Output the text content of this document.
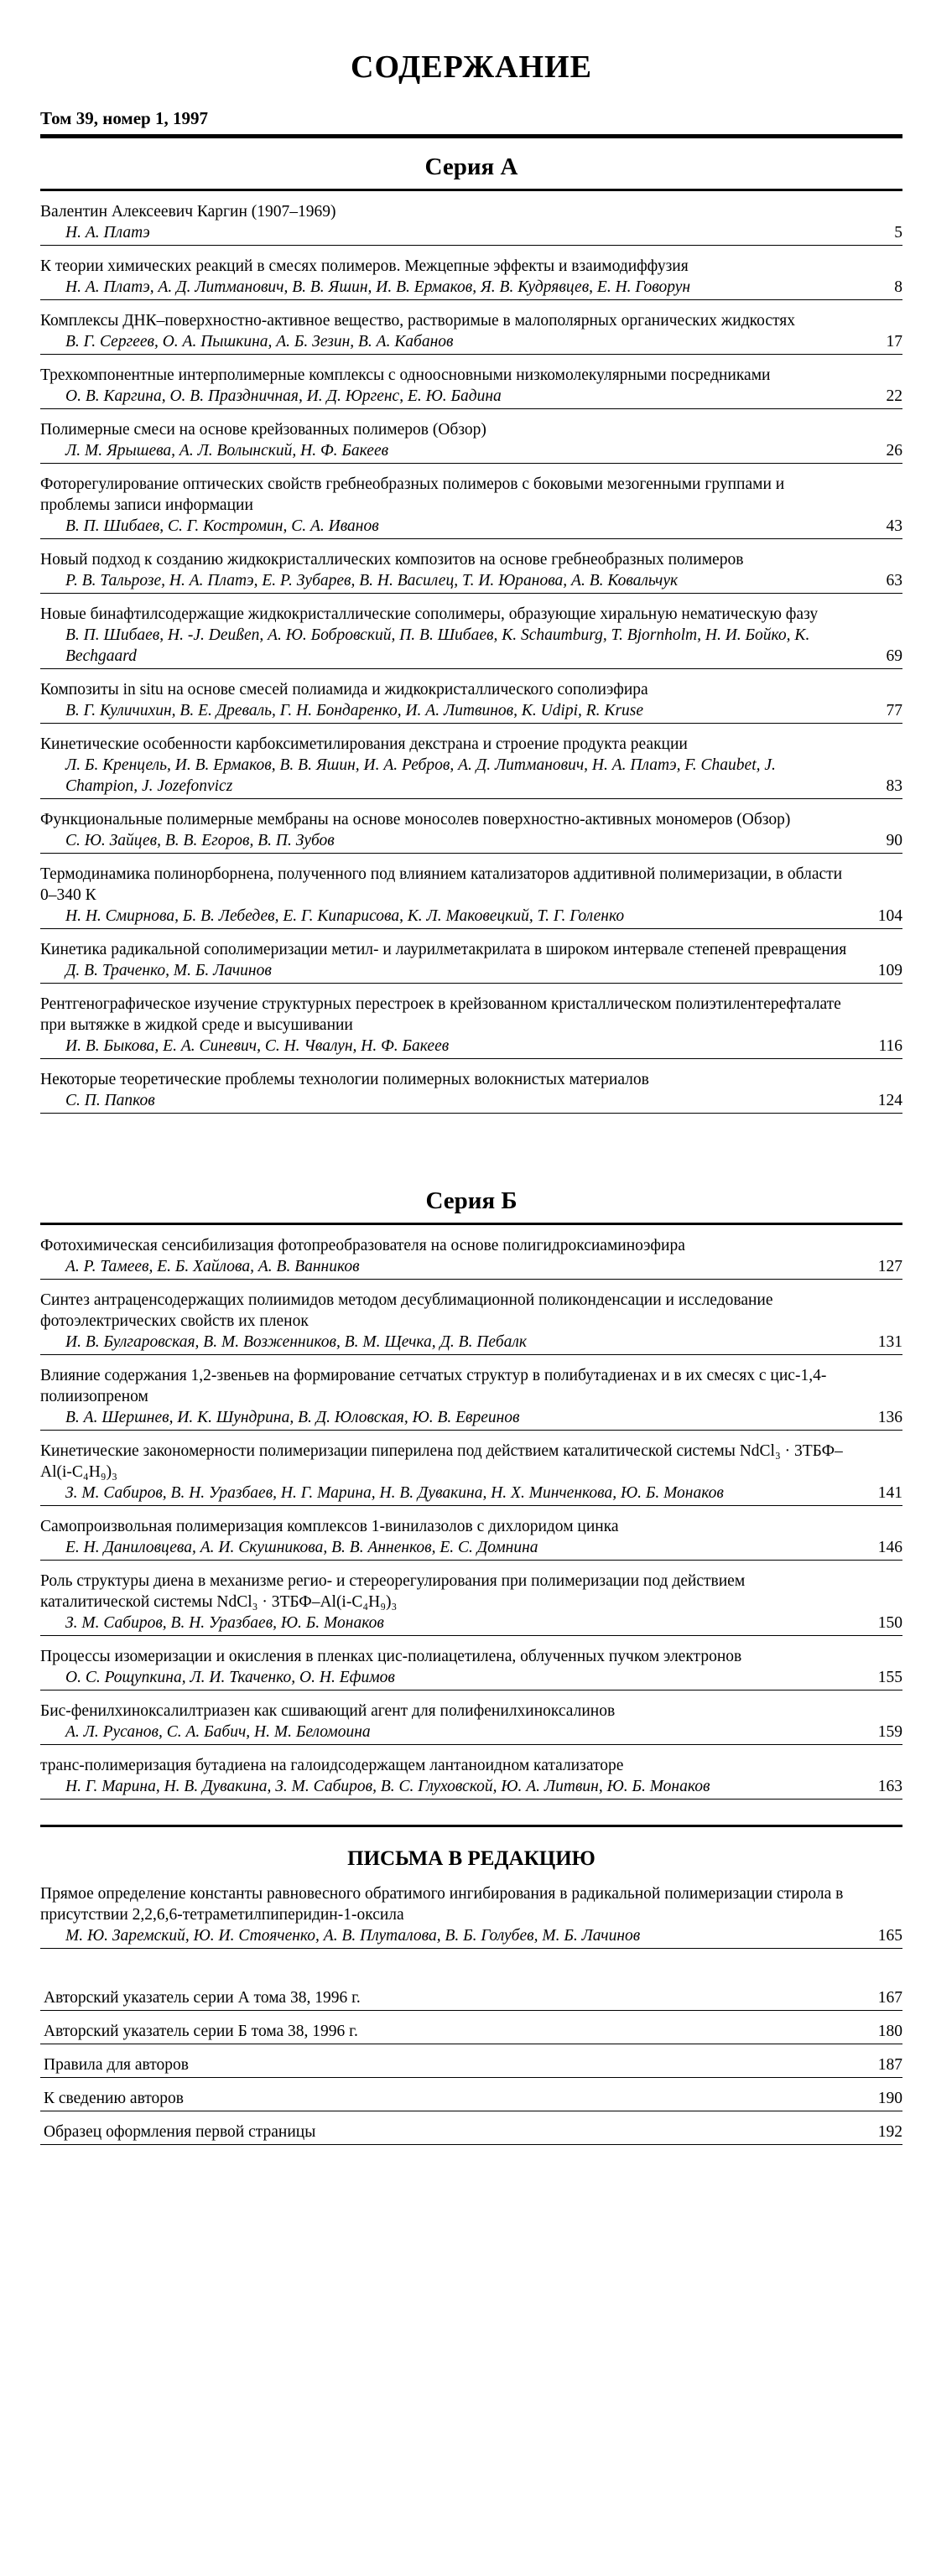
СОДЕРЖАНИЕ
Том 39, номер 1, 1997
Серия А
Валентин Алексеевич Каргин (1907–1969)
Н. А. Платэ	5
К теории химических реакций в смесях полимеров. Межцепные эффекты и взаимодиффузия
Н. А. Платэ, А. Д. Литманович, В. В. Яшин, И. В. Ермаков, Я. В. Кудрявцев, Е. Н. Говорун	8
Комплексы ДНК–поверхностно-активное вещество, растворимые в малополярных органических жидкостях
В. Г. Сергеев, О. А. Пышкина, А. Б. Зезин, В. А. Кабанов	17
Трехкомпонентные интерполимерные комплексы с одноосновными низкомолекулярными посредниками
О. В. Каргина, О. В. Праздничная, И. Д. Юргенс, Е. Ю. Бадина	22
Полимерные смеси на основе крейзованных полимеров (Обзор)
Л. М. Ярышева, А. Л. Волынский, Н. Ф. Бакеев	26
Фоторегулирование оптических свойств гребнеобразных полимеров с боковыми мезогенными группами и проблемы записи информации
В. П. Шибаев, С. Г. Костромин, С. А. Иванов	43
Новый подход к созданию жидкокристаллических композитов на основе гребнеобразных полимеров
Р. В. Тальрозе, Н. А. Платэ, Е. Р. Зубарев, В. Н. Василец, Т. И. Юранова, А. В. Ковальчук	63
Новые бинафтилсодержащие жидкокристаллические сополимеры, образующие хиральную нематическую фазу
В. П. Шибаев, Н. -J. Deußen, А. Ю. Бобровский, П. В. Шибаев, K. Schaumburg, T. Bjornholm, Н. И. Бойко, K. Bechgaard	69
Композиты in situ на основе смесей полиамида и жидкокристаллического сополиэфира
В. Г. Куличихин, В. Е. Древаль, Г. Н. Бондаренко, И. А. Литвинов, K. Udipi, R. Kruse	77
Кинетические особенности карбоксиметилирования декстрана и строение продукта реакции
Л. Б. Кренцель, И. В. Ермаков, В. В. Яшин, И. А. Ребров, А. Д. Литманович, Н. А. Платэ, F. Chaubet, J. Champion, J. Jozefonvicz	83
Функциональные полимерные мембраны на основе моносолев поверхностно-активных мономеров (Обзор)
С. Ю. Зайцев, В. В. Егоров, В. П. Зубов	90
Термодинамика полинорборнена, полученного под влиянием катализаторов аддитивной полимеризации, в области 0–340 К
Н. Н. Смирнова, Б. В. Лебедев, Е. Г. Кипарисова, К. Л. Маковецкий, Т. Г. Голенко	104
Кинетика радикальной сополимеризации метил- и лаурилметакрилата в широком интервале степеней превращения
Д. В. Траченко, М. Б. Лачинов	109
Рентгенографическое изучение структурных перестроек в крейзованном кристаллическом полиэтилентерефталате при вытяжке в жидкой среде и высушивании
И. В. Быкова, Е. А. Синевич, С. Н. Чвалун, Н. Ф. Бакеев	116
Некоторые теоретические проблемы технологии полимерных волокнистых материалов
С. П. Папков	124
Серия Б
Фотохимическая сенсибилизация фотопреобразователя на основе полигидроксиаминоэфира
А. Р. Тамеев, Е. Б. Хайлова, А. В. Ванников	127
Синтез антраценсодержащих полиимидов методом десублимационной поликонденсации и исследование фотоэлектрических свойств их пленок
И. В. Булгаровская, В. М. Возженников, В. М. Щечка, Д. В. Пебалк	131
Влияние содержания 1,2-звеньев на формирование сетчатых структур в полибутадиенах и в их смесях с цис-1,4-полиизопреном
В. А. Шершнев, И. К. Шундрина, В. Д. Юловская, Ю. В. Евреинов	136
Кинетические закономерности полимеризации пиперилена под действием каталитической системы NdCl₃ · 3ТБФ–Al(i-C₄H₉)₃
З. М. Сабиров, В. Н. Уразбаев, Н. Г. Марина, Н. В. Дувакина, Н. Х. Минченкова, Ю. Б. Монаков	141
Самопроизвольная полимеризация комплексов 1-винилазолов с дихлоридом цинка
Е. Н. Даниловцева, А. И. Скушникова, В. В. Анненков, Е. С. Домнина	146
Роль структуры диена в механизме регио- и стереорегулирования при полимеризации под действием каталитической системы NdCl₃ · 3ТБФ–Al(i-C₄H₉)₃
З. М. Сабиров, В. Н. Уразбаев, Ю. Б. Монаков	150
Процессы изомеризации и окисления в пленках цис-полиацетилена, облученных пучком электронов
О. С. Рощупкина, Л. И. Ткаченко, О. Н. Ефимов	155
Бис-фенилхиноксалилтриазен как сшивающий агент для полифенилхиноксалинов
А. Л. Русанов, С. А. Бабич, Н. М. Беломоина	159
транс-полимеризация бутадиена на галоидсодержащем лантаноидном катализаторе
Н. Г. Марина, Н. В. Дувакина, З. М. Сабиров, В. С. Глуховской, Ю. А. Литвин, Ю. Б. Монаков	163
ПИСЬМА В РЕДАКЦИЮ
Прямое определение константы равновесного обратимого ингибирования в радикальной полимеризации стирола в присутствии 2,2,6,6-тетраметилпиперидин-1-оксила
М. Ю. Заремский, Ю. И. Стояченко, А. В. Плуталова, В. Б. Голубев, М. Б. Лачинов	165
Авторский указатель серии А тома 38, 1996 г.	167
Авторский указатель серии Б тома 38, 1996 г.	180
Правила для авторов	187
К сведению авторов	190
Образец оформления первой страницы	192
